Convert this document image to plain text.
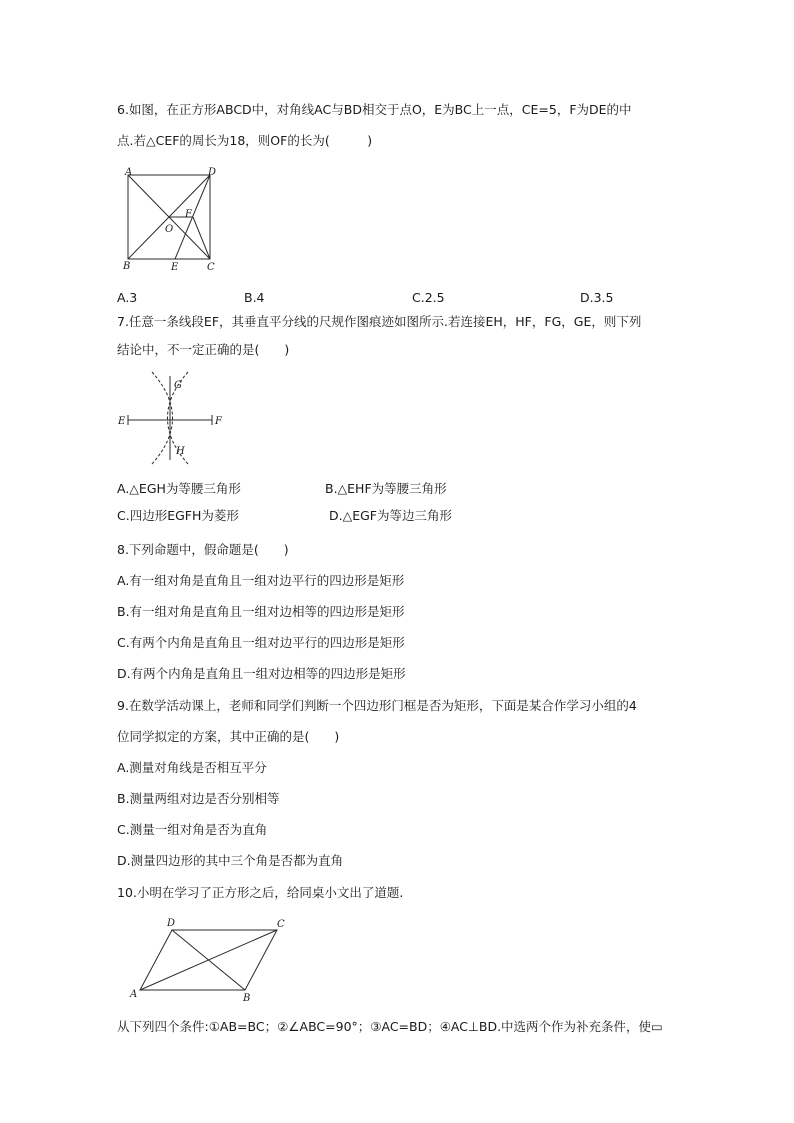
6.如图，在正方形ABCD中，对角线AC与BD相交于点O，E为BC上一点，CE=5，F为DE的中
点.若△CEF的周长为18，则OF的长为(　　　)
A	D
B	C
O
E
F
A.3	B.4	C.2.5	D.3.5
7.任意一条线段EF，其垂直平分线的尺规作图痕迹如图所示.若连接EH，HF，FG，GE，则下列
结论中，不一定正确的是(　　)
G
E	F
H
A.△EGH为等腰三角形	B.△EHF为等腰三角形
C.四边形EGFH为菱形	D.△EGF为等边三角形
8.下列命题中，假命题是(　　)
A.有一组对角是直角且一组对边平行的四边形是矩形
B.有一组对角是直角且一组对边相等的四边形是矩形
C.有两个内角是直角且一组对边平行的四边形是矩形
D.有两个内角是直角且一组对边相等的四边形是矩形
9.在数学活动课上，老师和同学们判断一个四边形门框是否为矩形，下面是某合作学习小组的4
位同学拟定的方案，其中正确的是(　　)
A.测量对角线是否相互平分
B.测量两组对边是否分别相等
C.测量一组对角是否为直角
D.测量四边形的其中三个角是否都为直角
10.小明在学习了正方形之后，给同桌小文出了道题.
A	B
C
D
从下列四个条件:①AB=BC；②∠ABC=90°；③AC=BD；④AC⊥BD.中选两个作为补充条件，使▭
